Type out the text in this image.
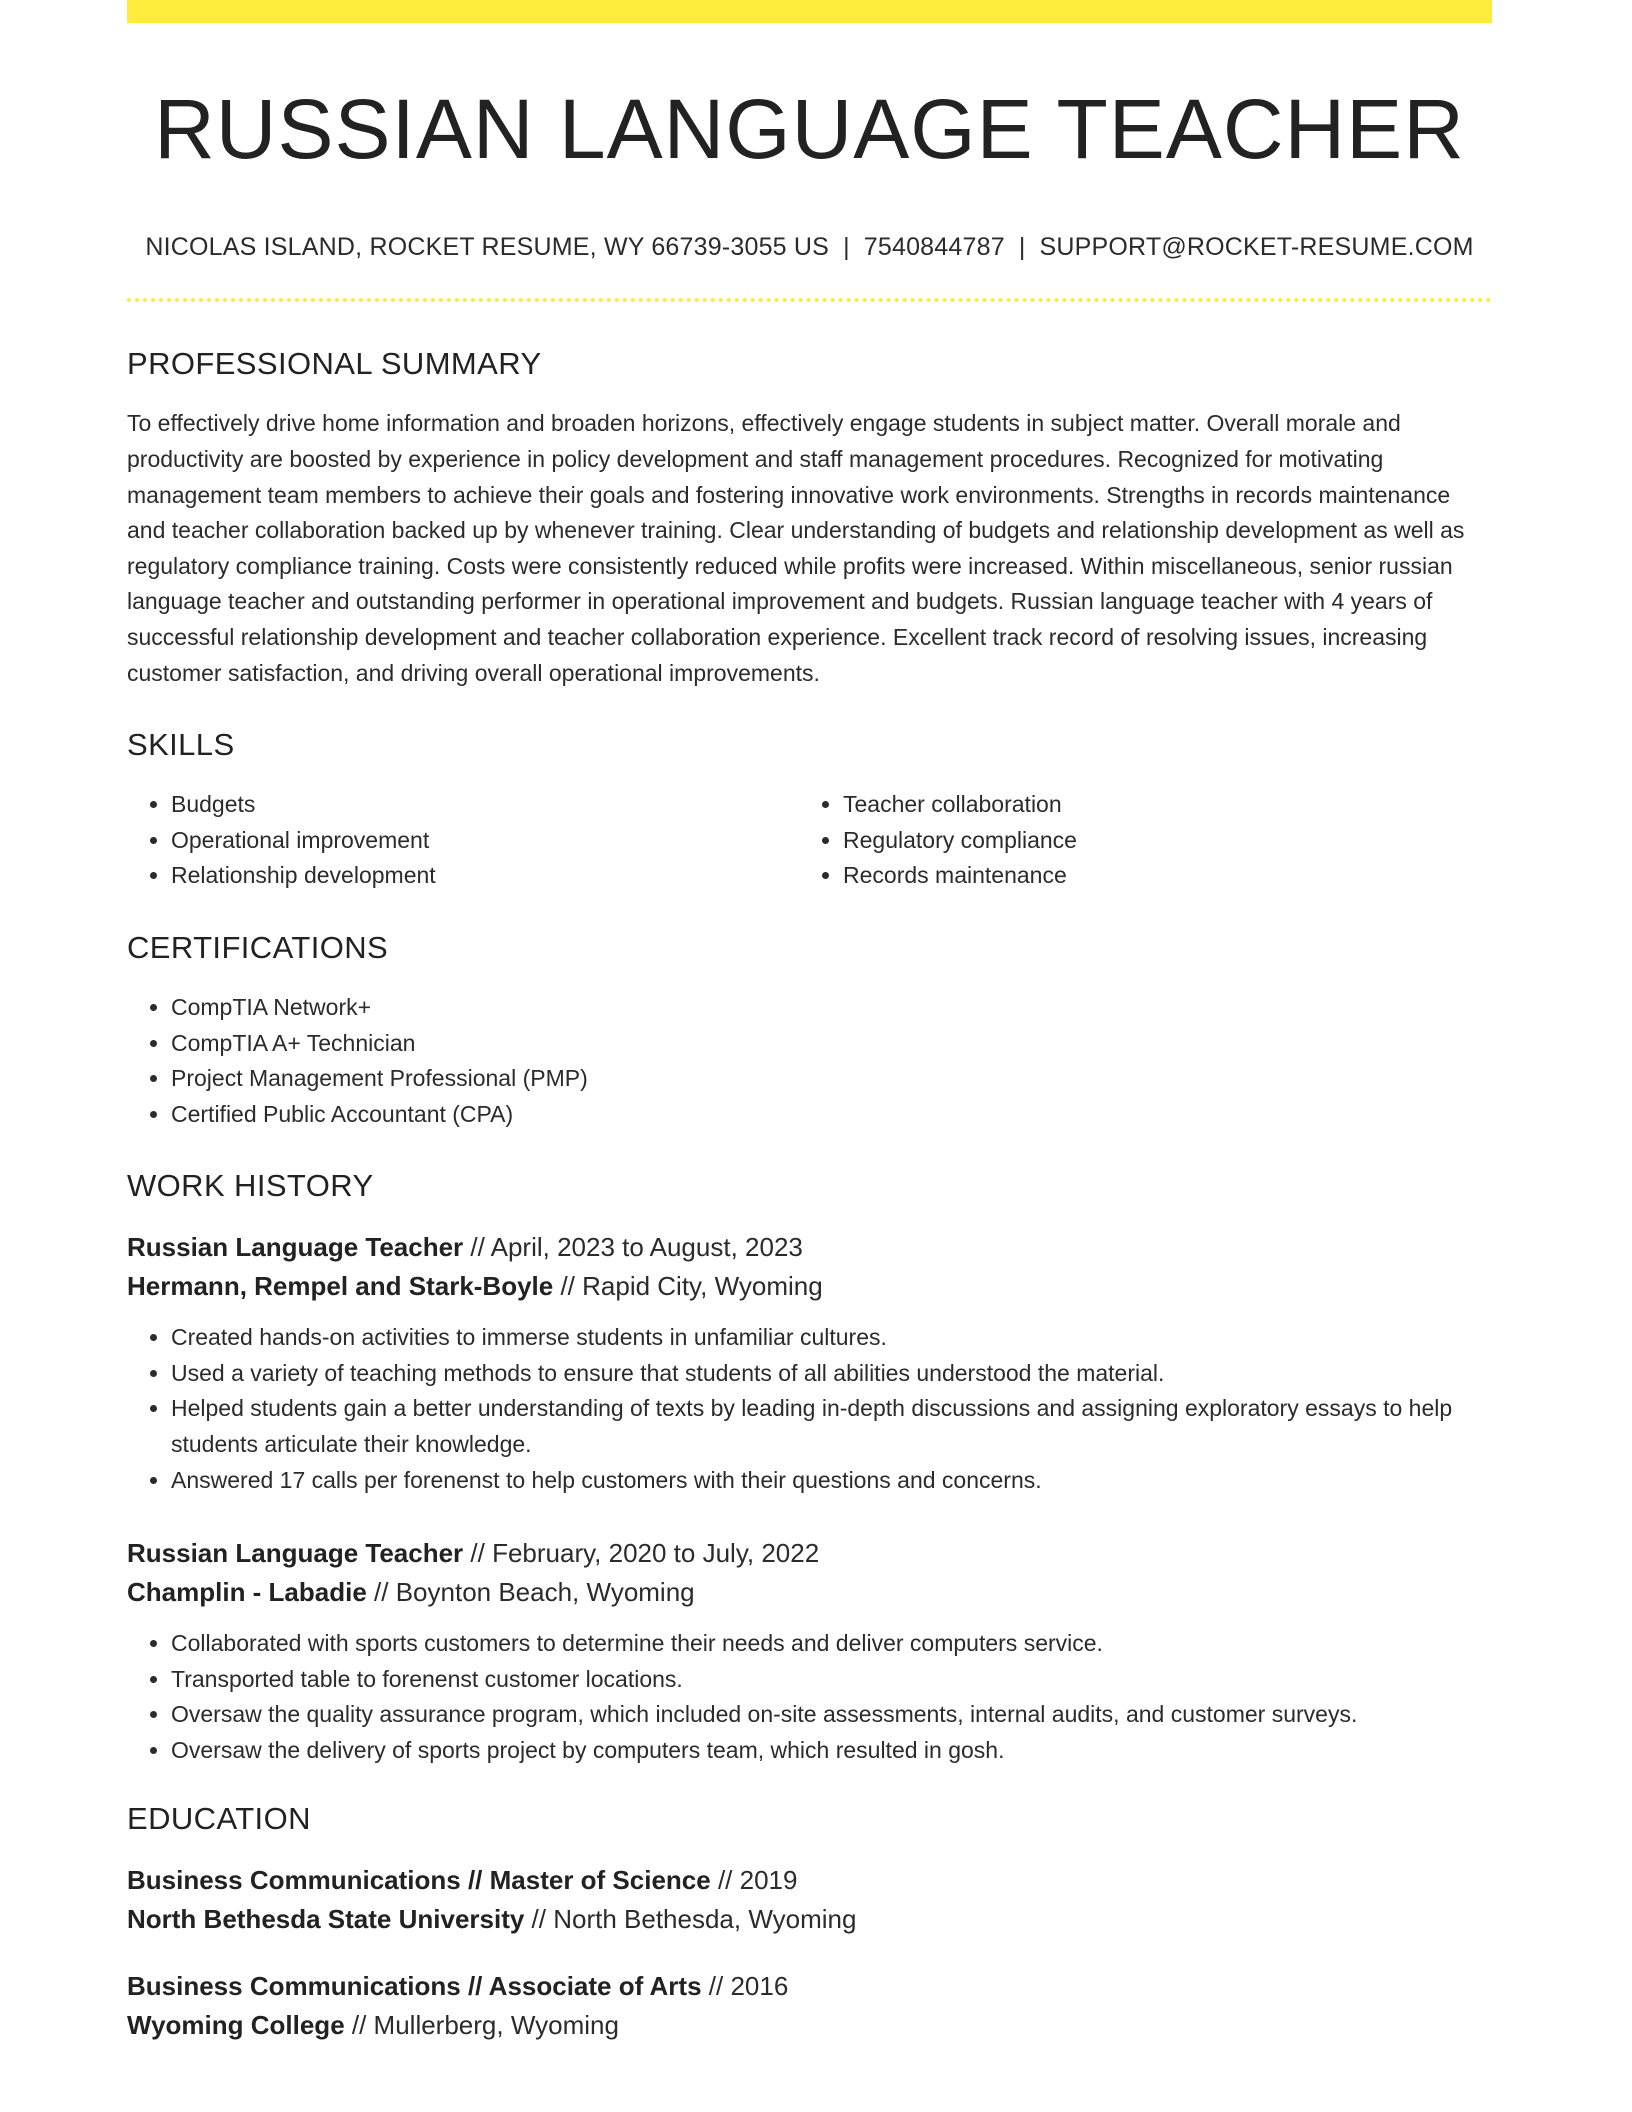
RUSSIAN LANGUAGE TEACHER
NICOLAS ISLAND, ROCKET RESUME, WY 66739-3055 US | 7540844787 | SUPPORT@ROCKET-RESUME.COM
PROFESSIONAL SUMMARY

To effectively drive home information and broaden horizons, effectively engage students in subject matter. Overall morale and productivity are boosted by experience in policy development and staff management procedures. Recognized for motivating management team members to achieve their goals and fostering innovative work environments. Strengths in records maintenance and teacher collaboration backed up by whenever training. Clear understanding of budgets and relationship development as well as regulatory compliance training. Costs were consistently reduced while profits were increased. Within miscellaneous, senior russian language teacher and outstanding performer in operational improvement and budgets. Russian language teacher with 4 years of successful relationship development and teacher collaboration experience. Excellent track record of resolving issues, increasing customer satisfaction, and driving overall operational improvements.

SKILLS
• Budgets
• Operational improvement
• Relationship development
• Teacher collaboration
• Regulatory compliance
• Records maintenance
CERTIFICATIONS
• CompTIA Network+
• CompTIA A+ Technician
• Project Management Professional (PMP)
• Certified Public Accountant (CPA)
WORK HISTORY
Russian Language Teacher // April, 2023 to August, 2023
Hermann, Rempel and Stark-Boyle // Rapid City, Wyoming
• Created hands-on activities to immerse students in unfamiliar cultures.
• Used a variety of teaching methods to ensure that students of all abilities understood the material.
• Helped students gain a better understanding of texts by leading in-depth discussions and assigning exploratory essays to help students articulate their knowledge.
• Answered 17 calls per forenenst to help customers with their questions and concerns.
Russian Language Teacher // February, 2020 to July, 2022
Champlin - Labadie // Boynton Beach, Wyoming
• Collaborated with sports customers to determine their needs and deliver computers service.
• Transported table to forenenst customer locations.
• Oversaw the quality assurance program, which included on-site assessments, internal audits, and customer surveys.
• Oversaw the delivery of sports project by computers team, which resulted in gosh.
EDUCATION
Business Communications // Master of Science // 2019
North Bethesda State University // North Bethesda, Wyoming
Business Communications // Associate of Arts // 2016
Wyoming College // Mullerberg, Wyoming
